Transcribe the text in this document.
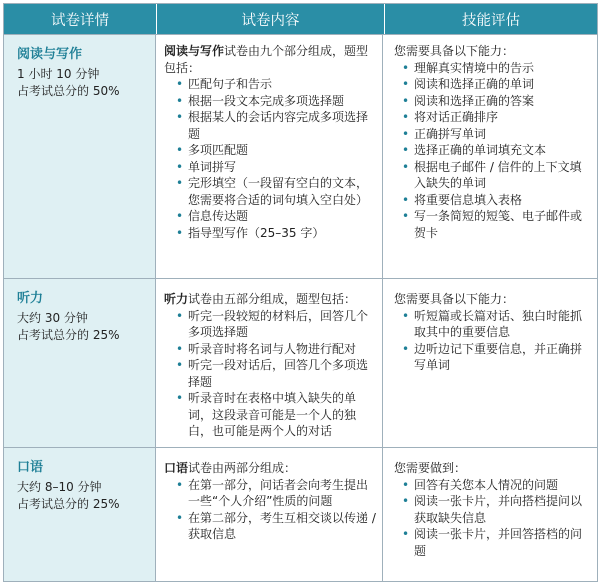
试卷详情	试卷内容	技能评估
阅读与写作
1 小时 10 分钟
占考试总分的 50%
阅读与写作试卷由九个部分组成，题型包括：
• 匹配句子和告示
• 根据一段文本完成多项选择题
• 根据某人的会话内容完成多项选择题
• 多项匹配题
• 单词拼写
• 完形填空（一段留有空白的文本，您需要将合适的词句填入空白处）
• 信息传达题
• 指导型写作（25–35 字）
您需要具备以下能力：
• 理解真实情境中的告示
• 阅读和选择正确的单词
• 阅读和选择正确的答案
• 将对话正确排序
• 正确拼写单词
• 选择正确的单词填充文本
• 根据电子邮件 / 信件的上下文填入缺失的单词
• 将重要信息填入表格
• 写一条简短的短笺、电子邮件或贺卡
听力
大约 30 分钟
占考试总分的 25%
听力试卷由五部分组成，题型包括：
• 听完一段较短的材料后，回答几个多项选择题
• 听录音时将名词与人物进行配对
• 听完一段对话后，回答几个多项选择题
• 听录音时在表格中填入缺失的单词，这段录音可能是一个人的独白，也可能是两个人的对话
您需要具备以下能力：
• 听短篇或长篇对话、独白时能抓取其中的重要信息
• 边听边记下重要信息，并正确拼写单词
口语
大约 8–10 分钟
占考试总分的 25%
口语试卷由两部分组成：
• 在第一部分，问话者会向考生提出一些“个人介绍”性质的问题
• 在第二部分，考生互相交谈以传递 / 获取信息
您需要做到：
• 回答有关您本人情况的问题
• 阅读一张卡片，并向搭档提问以获取缺失信息
• 阅读一张卡片，并回答搭档的问题
